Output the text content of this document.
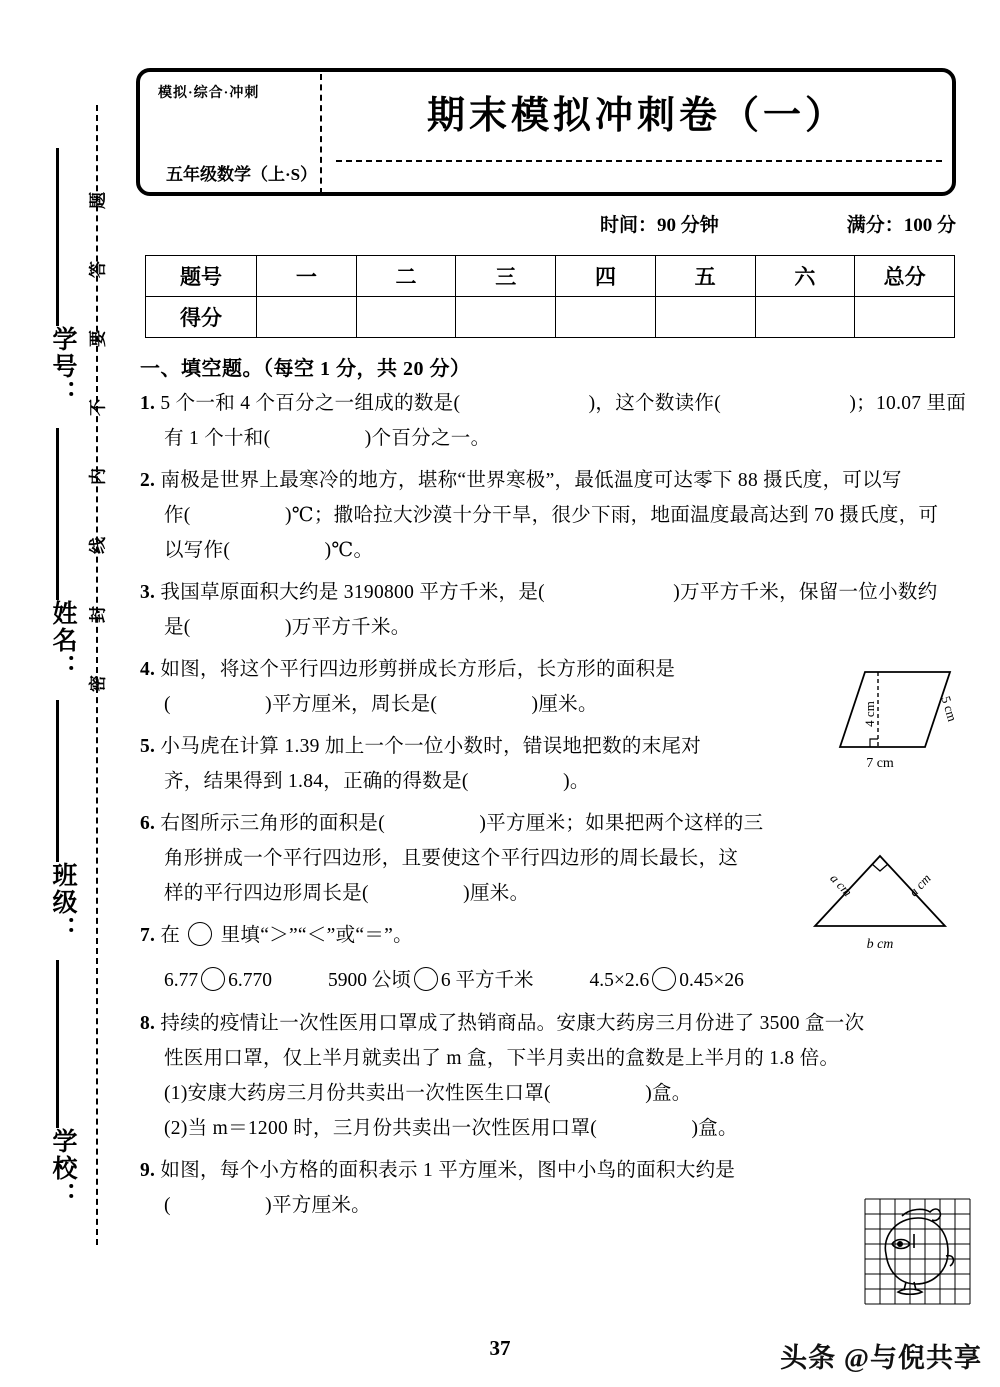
学号：
姓名：
班级：
学校：
题
答
要
不
内
线
封
密
模拟·综合·冲刺
五年级数学（上·S）
期末模拟冲刺卷（一）
时间：90 分钟	满分：100 分
题号	一	二	三	四	五	六	总分
得分							
一、填空题。（每空 1 分，共 20 分）
1. 5 个一和 4 个百分之一组成的数是(	)，这个数读作(	)；10.07 里面
有 1 个十和(	)个百分之一。
2. 南极是世界上最寒冷的地方，堪称“世界寒极”，最低温度可达零下 88 摄氏度，可以写
作(	)℃；撒哈拉大沙漠十分干旱，很少下雨，地面温度最高达到 70 摄氏度，可
以写作(	)℃。
3. 我国草原面积大约是 3190800 平方千米，是(	)万平方千米，保留一位小数约
是(	)万平方千米。
4. 如图，将这个平行四边形剪拼成长方形后，长方形的面积是
(	)平方厘米，周长是(	)厘米。
5. 小马虎在计算 1.39 加上一个一位小数时，错误地把数的末尾对
齐，结果得到 1.84，正确的得数是(	)。
6. 右图所示三角形的面积是(	)平方厘米；如果把两个这样的三
角形拼成一个平行四边形，且要使这个平行四边形的周长最长，这
样的平行四边形周长是(	)厘米。
7. 在 里填“＞”“＜”或“＝”。
6.77 6.770	5900 公顷 6 平方千米	4.5×2.6 0.45×26
8. 持续的疫情让一次性医用口罩成了热销商品。安康大药房三月份进了 3500 盒一次
性医用口罩，仅上半月就卖出了 m 盒，下半月卖出的盒数是上半月的 1.8 倍。
(1)安康大药房三月份共卖出一次性医生口罩(	)盒。
(2)当 m＝1200 时，三月份共卖出一次性医用口罩(	)盒。
9. 如图，每个小方格的面积表示 1 平方厘米，图中小鸟的面积大约是
(	)平方厘米。
4 cm	5 cm
7 cm
a cm	a cm
b cm
37	头条 @与倪共享
